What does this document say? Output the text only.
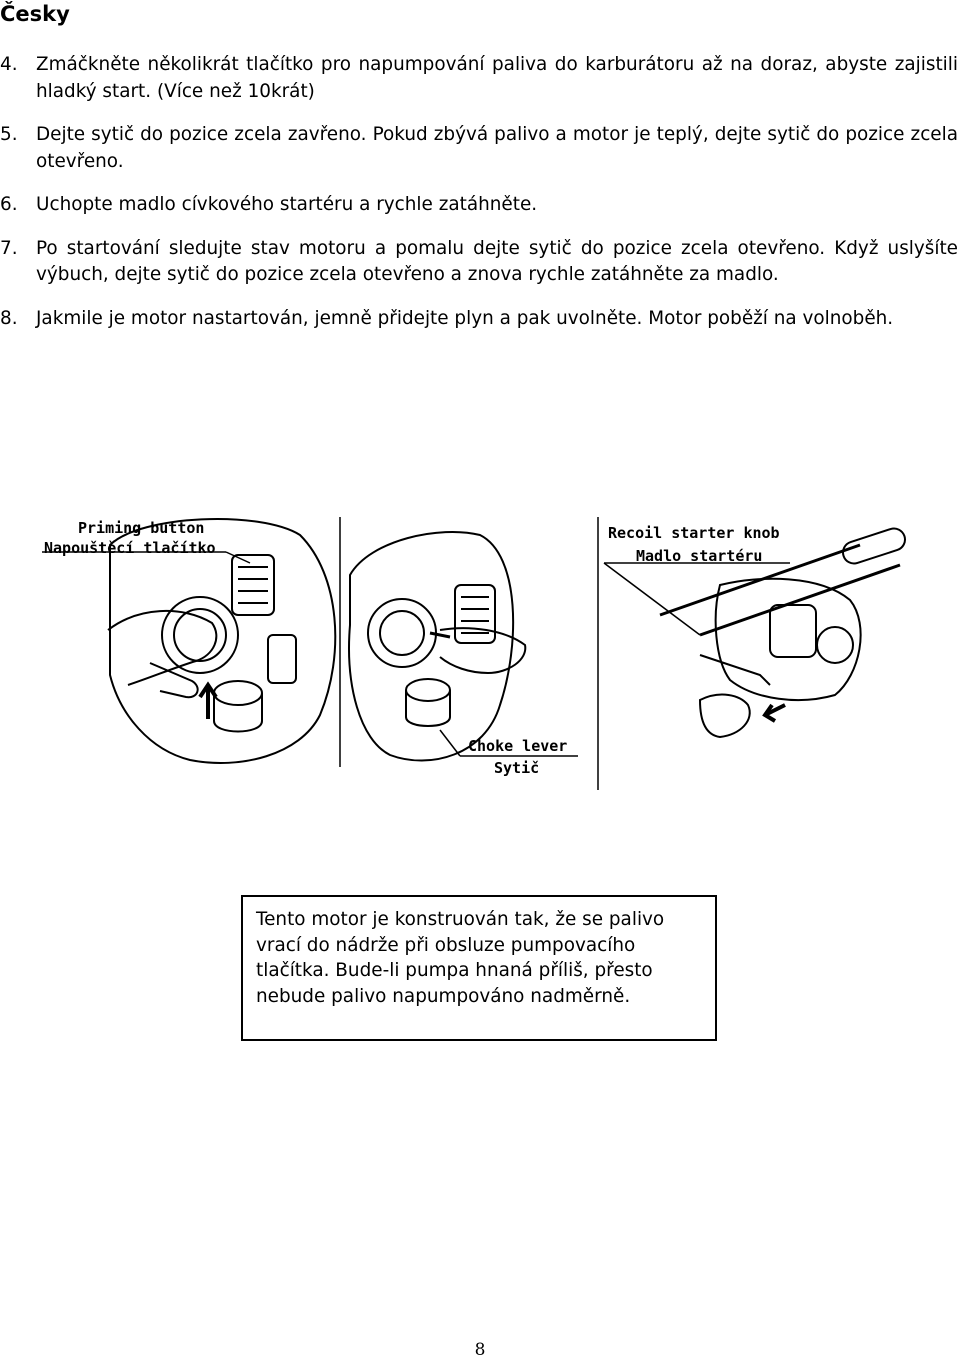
Česky
4.	Zmáčkněte několikrát tlačítko pro napumpování paliva do karburátoru až na doraz, abyste zajistili hladký start. (Více než 10krát)
5.	Dejte sytič do pozice zcela zavřeno. Pokud zbývá palivo a motor je teplý, dejte sytič do pozice zcela otevřeno.
6.	Uchopte madlo cívkového startéru a rychle zatáhněte.
7.	Po startování sledujte stav motoru a pomalu dejte sytič do pozice zcela otevřeno. Když uslyšíte výbuch, dejte sytič do pozice zcela otevřeno a znova rychle zatáhněte za madlo.
8.	Jakmile je motor nastartován, jemně přidejte plyn a pak uvolněte. Motor poběží na volnoběh.
Priming button
Napouštěcí tlačítko
Choke lever
Sytič
Recoil starter knob
Madlo startéru
Tento motor je konstruován tak, že se palivo vrací do nádrže při obsluze pumpovacího tlačítka. Bude-li pumpa hnaná příliš, přesto nebude palivo napumpováno nadměrně.
8
